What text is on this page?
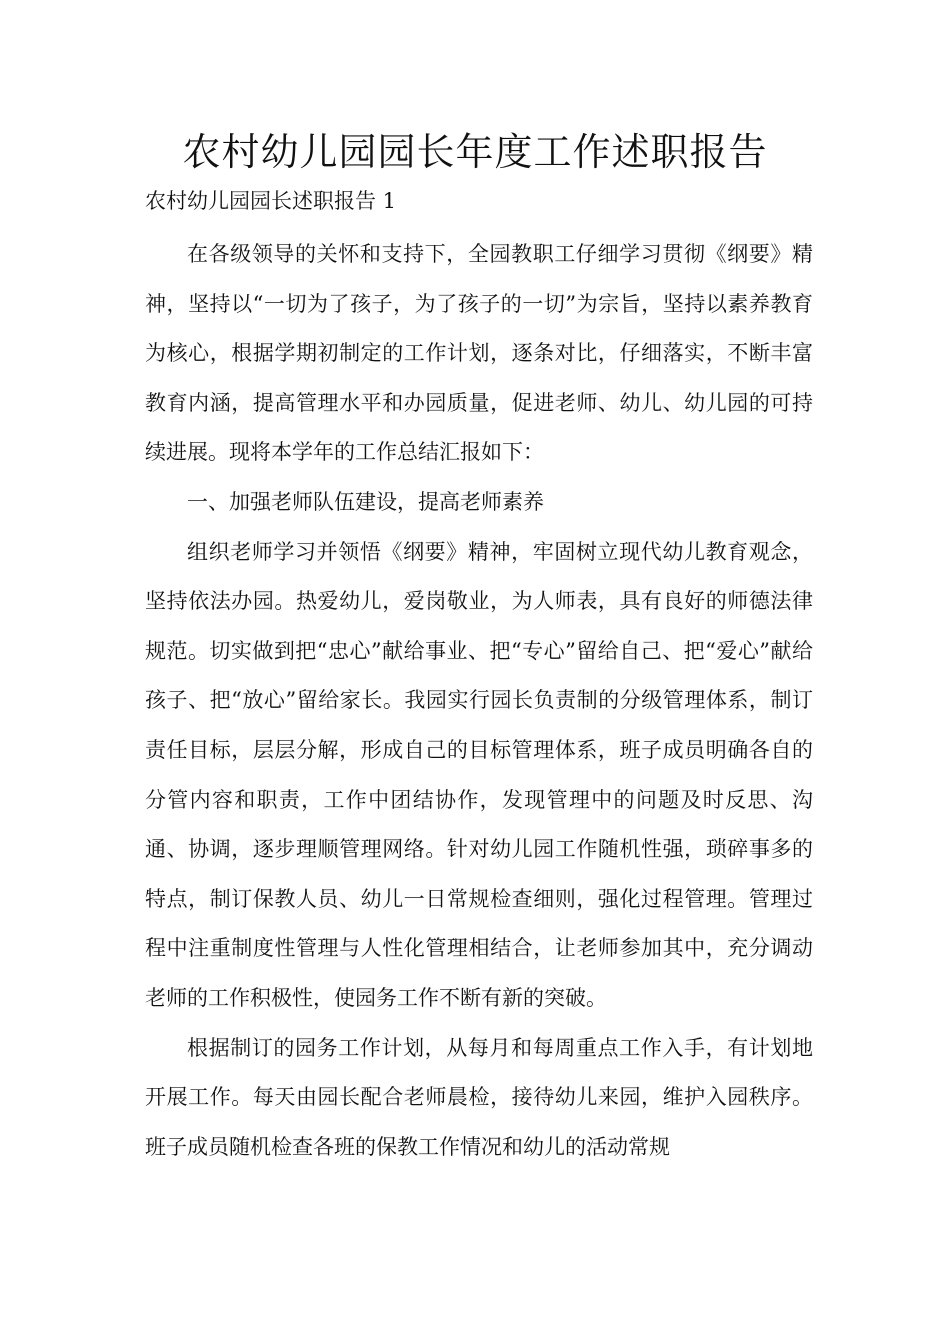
农村幼儿园园长年度工作述职报告
农村幼儿园园长述职报告 1

在各级领导的关怀和支持下，全园教职工仔细学习贯彻《纲要》精神，坚持以“一切为了孩子，为了孩子的一切”为宗旨，坚持以素养教育为核心，根据学期初制定的工作计划，逐条对比，仔细落实，不断丰富教育内涵，提高管理水平和办园质量，促进老师、幼儿、幼儿园的可持续进展。现将本学年的工作总结汇报如下：

一、加强老师队伍建设，提高老师素养

组织老师学习并领悟《纲要》精神，牢固树立现代幼儿教育观念，坚持依法办园。热爱幼儿，爱岗敬业，为人师表，具有良好的师德法律规范。切实做到把“忠心”献给事业、把“专心”留给自己、把“爱心”献给孩子、把“放心”留给家长。我园实行园长负责制的分级管理体系，制订责任目标，层层分解，形成自己的目标管理体系，班子成员明确各自的分管内容和职责，工作中团结协作，发现管理中的问题及时反思、沟通、协调，逐步理顺管理网络。针对幼儿园工作随机性强，琐碎事多的特点，制订保教人员、幼儿一日常规检查细则，强化过程管理。管理过程中注重制度性管理与人性化管理相结合，让老师参加其中，充分调动老师的工作积极性，使园务工作不断有新的突破。

根据制订的园务工作计划，从每月和每周重点工作入手，有计划地开展工作。每天由园长配合老师晨检，接待幼儿来园，维护入园秩序。班子成员随机检查各班的保教工作情况和幼儿的活动常规
